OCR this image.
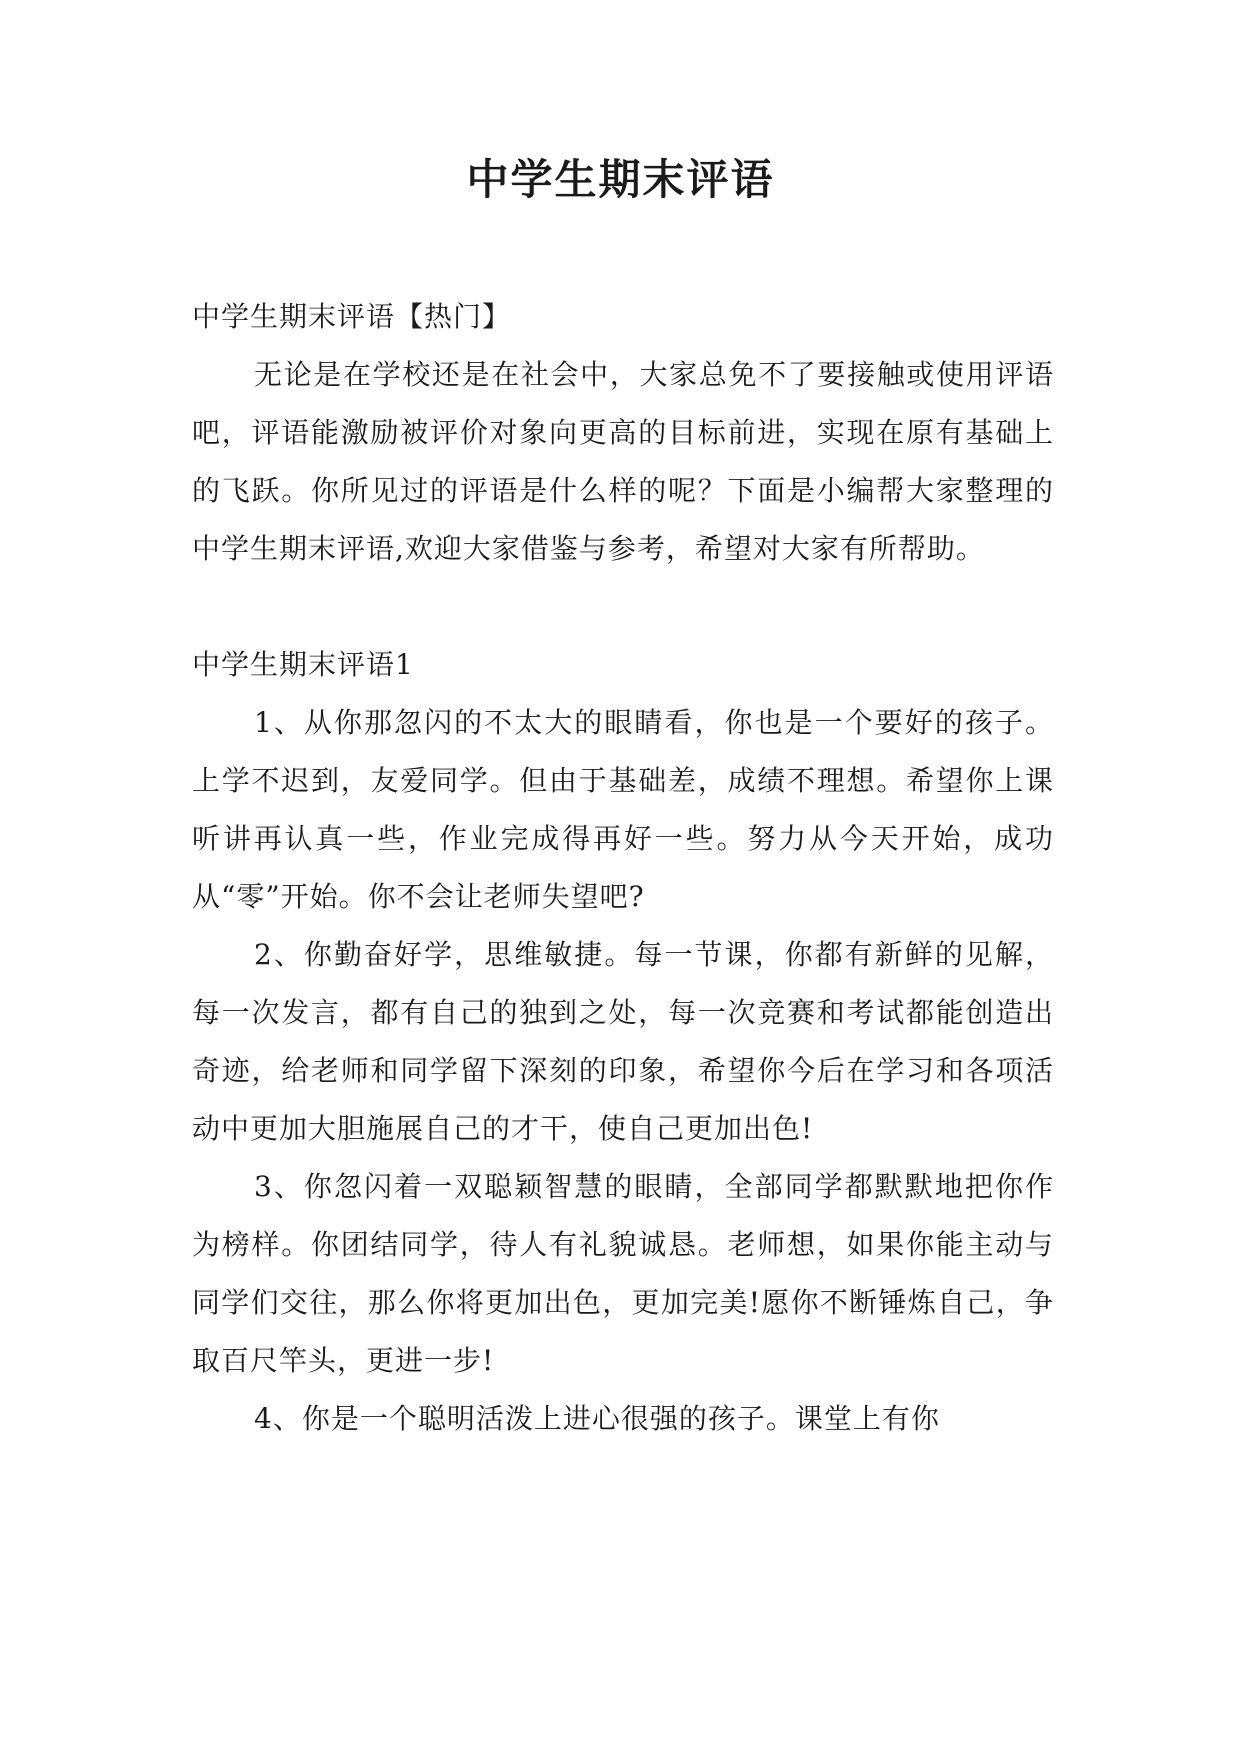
中学生期末评语

中学生期末评语【热门】

无论是在学校还是在社会中，大家总免不了要接触或使用评语吧，评语能激励被评价对象向更高的目标前进，实现在原有基础上的飞跃。你所见过的评语是什么样的呢？下面是小编帮大家整理的中学生期末评语,欢迎大家借鉴与参考，希望对大家有所帮助。

中学生期末评语1

1、从你那忽闪的不太大的眼睛看，你也是一个要好的孩子。上学不迟到，友爱同学。但由于基础差，成绩不理想。希望你上课听讲再认真一些，作业完成得再好一些。努力从今天开始，成功从“零”开始。你不会让老师失望吧?

2、你勤奋好学，思维敏捷。每一节课，你都有新鲜的见解，每一次发言，都有自己的独到之处，每一次竞赛和考试都能创造出奇迹，给老师和同学留下深刻的印象，希望你今后在学习和各项活动中更加大胆施展自己的才干，使自己更加出色!

3、你忽闪着一双聪颖智慧的眼睛，全部同学都默默地把你作为榜样。你团结同学，待人有礼貌诚恳。老师想，如果你能主动与同学们交往，那么你将更加出色，更加完美!愿你不断锤炼自己，争取百尺竿头，更进一步!

4、你是一个聪明活泼上进心很强的孩子。课堂上有你
